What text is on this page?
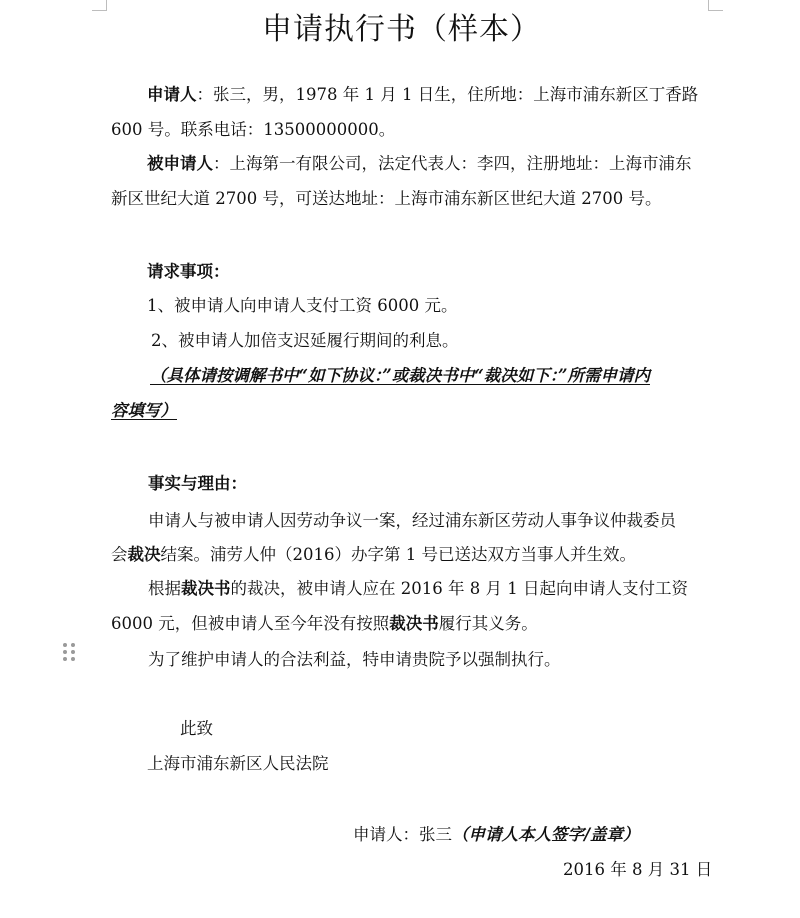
申请执行书（样本）
申请人：张三，男，1978 年 1 月 1 日生，住所地：上海市浦东新区丁香路
600 号。联系电话：13500000000。
被申请人：上海第一有限公司，法定代表人：李四，注册地址：上海市浦东
新区世纪大道 2700 号，可送达地址：上海市浦东新区世纪大道 2700 号。
请求事项：
1、被申请人向申请人支付工资 6000 元。
2、被申请人加倍支迟延履行期间的利息。
（具体请按调解书中“如下协议：”或裁决书中“裁决如下：”所需申请内
容填写）
事实与理由：
申请人与被申请人因劳动争议一案，经过浦东新区劳动人事争议仲裁委员
会裁决结案。浦劳人仲（2016）办字第 1 号已送达双方当事人并生效。
根据裁决书的裁决，被申请人应在 2016 年 8 月 1 日起向申请人支付工资
6000 元，但被申请人至今年没有按照裁决书履行其义务。
为了维护申请人的合法利益，特申请贵院予以强制执行。
此致
上海市浦东新区人民法院
申请人：张三（申请人本人签字/盖章）
2016 年 8 月 31 日
